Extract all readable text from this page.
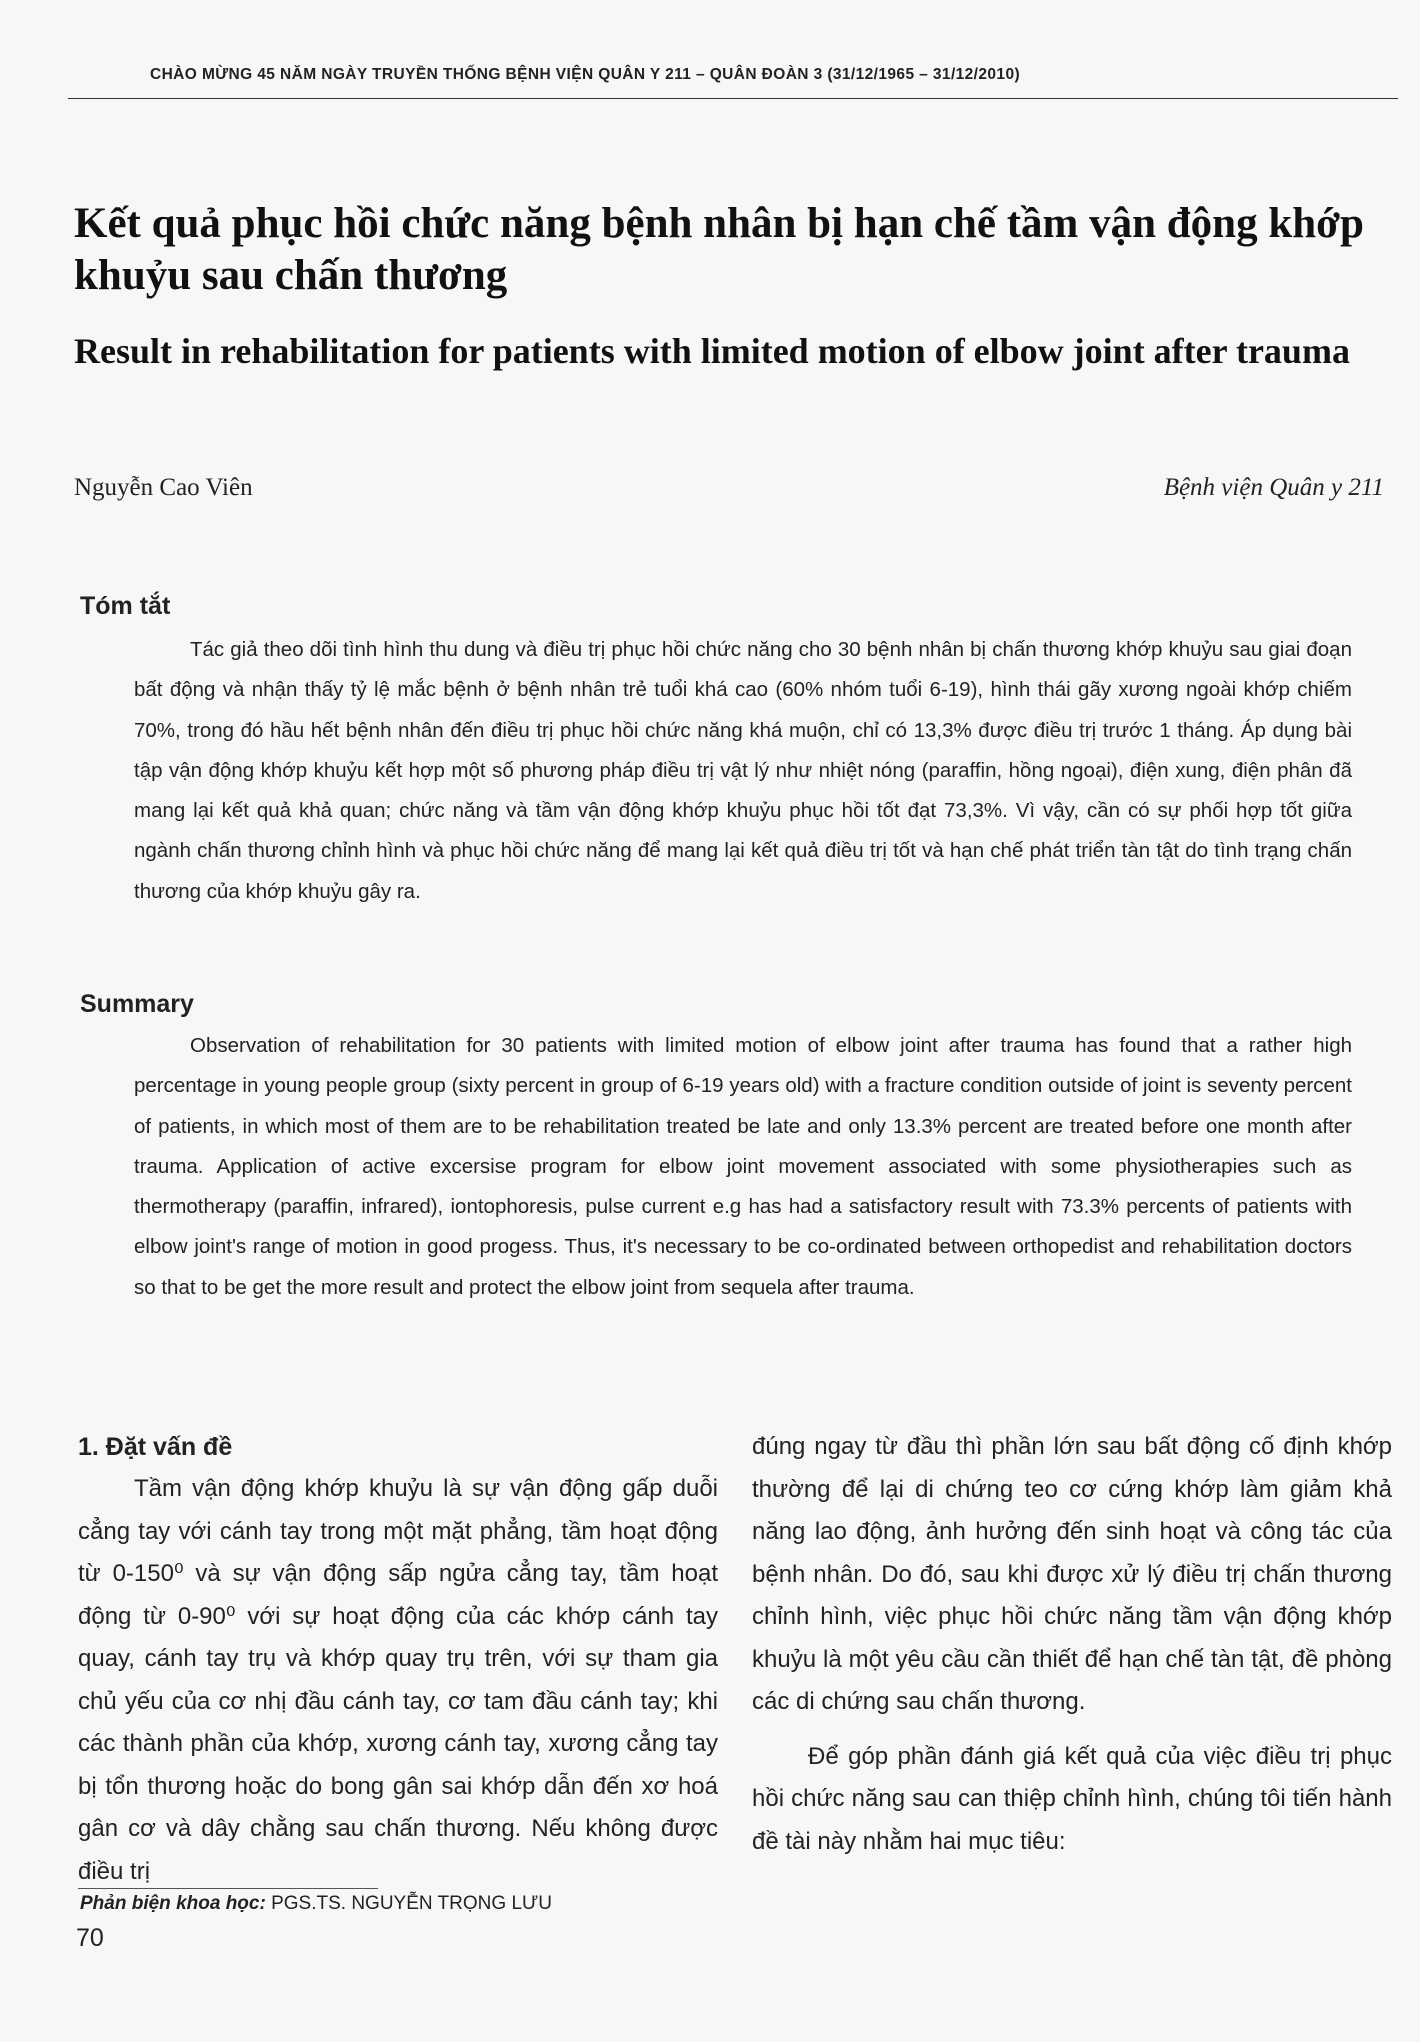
CHÀO MỪNG 45 NĂM NGÀY TRUYỀN THỐNG BỆNH VIỆN QUÂN Y 211 – QUÂN ĐOÀN 3 (31/12/1965 – 31/12/2010)
Kết quả phục hồi chức năng bệnh nhân bị hạn chế tầm vận động khớp khuỷu sau chấn thương
Result in rehabilitation for patients with limited motion of elbow joint after trauma
Nguyễn Cao Viên	Bệnh viện Quân y 211
Tóm tắt

Tác giả theo dõi tình hình thu dung và điều trị phục hồi chức năng cho 30 bệnh nhân bị chấn thương khớp khuỷu sau giai đoạn bất động và nhận thấy tỷ lệ mắc bệnh ở bệnh nhân trẻ tuổi khá cao (60% nhóm tuổi 6-19), hình thái gãy xương ngoài khớp chiếm 70%, trong đó hầu hết bệnh nhân đến điều trị phục hồi chức năng khá muộn, chỉ có 13,3% được điều trị trước 1 tháng. Áp dụng bài tập vận động khớp khuỷu kết hợp một số phương pháp điều trị vật lý như nhiệt nóng (paraffin, hồng ngoại), điện xung, điện phân đã mang lại kết quả khả quan; chức năng và tầm vận động khớp khuỷu phục hồi tốt đạt 73,3%. Vì vậy, cần có sự phối hợp tốt giữa ngành chấn thương chỉnh hình và phục hồi chức năng để mang lại kết quả điều trị tốt và hạn chế phát triển tàn tật do tình trạng chấn thương của khớp khuỷu gây ra.

Summary

Observation of rehabilitation for 30 patients with limited motion of elbow joint after trauma has found that a rather high percentage in young people group (sixty percent in group of 6-19 years old) with a fracture condition outside of joint is seventy percent of patients, in which most of them are to be rehabilitation treated be late and only 13.3% percent are treated before one month after trauma. Application of active excersise program for elbow joint movement associated with some physiotherapies such as thermotherapy (paraffin, infrared), iontophoresis, pulse current e.g has had a satisfactory result with 73.3% percents of patients with elbow joint's range of motion in good progess. Thus, it's necessary to be co-ordinated between orthopedist and rehabilitation doctors so that to be get the more result and protect the elbow joint from sequela after trauma.

1. Đặt vấn đề

Tầm vận động khớp khuỷu là sự vận động gấp duỗi cẳng tay với cánh tay trong một mặt phẳng, tầm hoạt động từ 0-150⁰ và sự vận động sấp ngửa cẳng tay, tầm hoạt động từ 0-90⁰ với sự hoạt động của các khớp cánh tay quay, cánh tay trụ và khớp quay trụ trên, với sự tham gia chủ yếu của cơ nhị đầu cánh tay, cơ tam đầu cánh tay; khi các thành phần của khớp, xương cánh tay, xương cẳng tay bị tổn thương hoặc do bong gân sai khớp dẫn đến xơ hoá gân cơ và dây chằng sau chấn thương. Nếu không được điều trị

đúng ngay từ đầu thì phần lớn sau bất động cố định khớp thường để lại di chứng teo cơ cứng khớp làm giảm khả năng lao động, ảnh hưởng đến sinh hoạt và công tác của bệnh nhân. Do đó, sau khi được xử lý điều trị chấn thương chỉnh hình, việc phục hồi chức năng tầm vận động khớp khuỷu là một yêu cầu cần thiết để hạn chế tàn tật, đề phòng các di chứng sau chấn thương.

Để góp phần đánh giá kết quả của việc điều trị phục hồi chức năng sau can thiệp chỉnh hình, chúng tôi tiến hành đề tài này nhằm hai mục tiêu:

Phản biện khoa học: PGS.TS. NGUYỄN TRỌNG LƯU
70
